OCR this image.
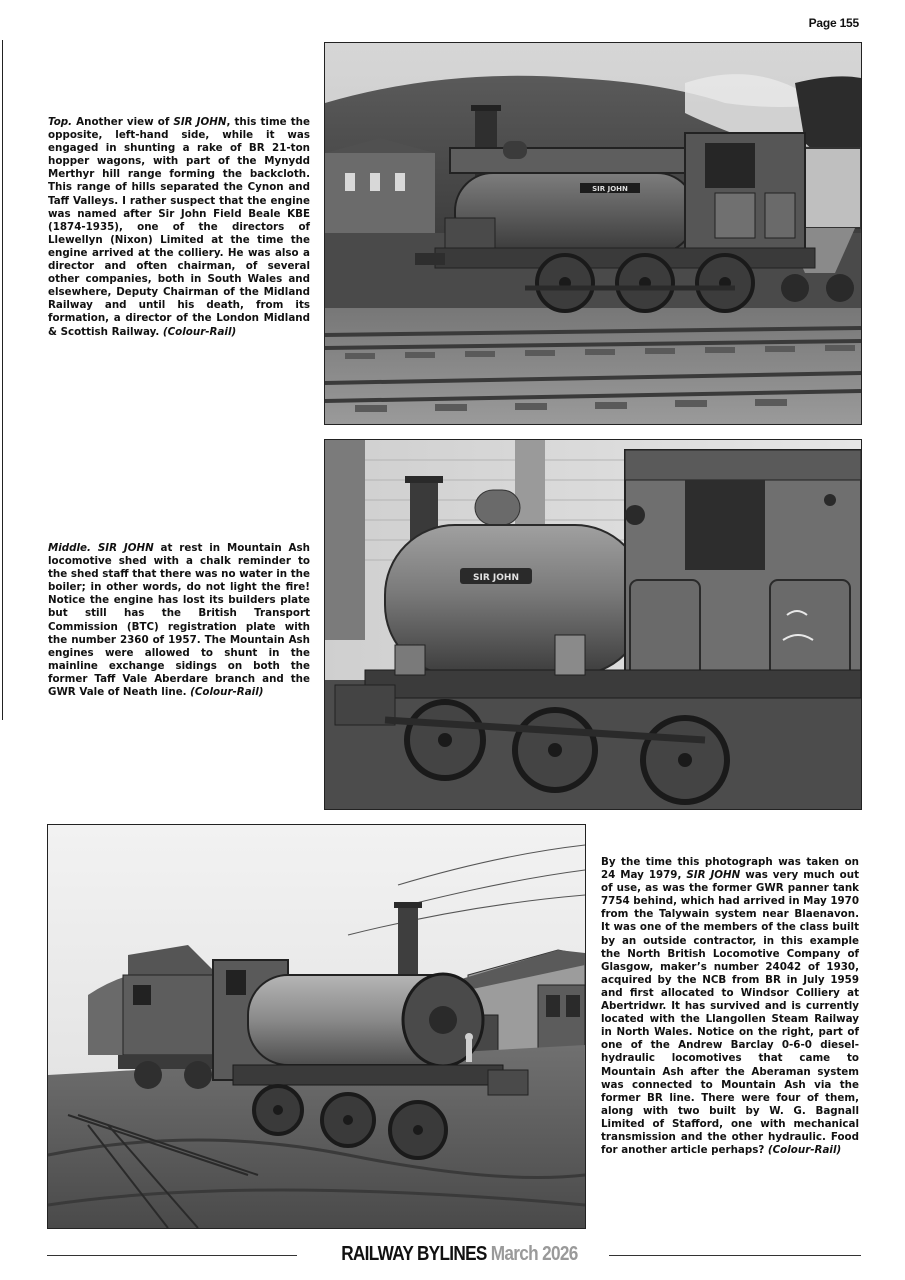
Page 155
Top. Another view of SIR JOHN, this time the opposite, left-hand side, while it was engaged in shunting a rake of BR 21-ton hopper wagons, with part of the Mynydd Merthyr hill range forming the backcloth. This range of hills separated the Cynon and Taff Valleys. I rather suspect that the engine was named after Sir John Field Beale KBE (1874-1935), one of the directors of Llewellyn (Nixon) Limited at the time the engine arrived at the colliery. He was also a director and often chairman, of several other companies, both in South Wales and elsewhere, Deputy Chairman of the Midland Railway and until his death, from its formation, a director of the London Midland & Scottish Railway. (Colour-Rail)
SIR JOHN
Middle. SIR JOHN at rest in Mountain Ash locomotive shed with a chalk reminder to the shed staff that there was no water in the boiler; in other words, do not light the fire! Notice the engine has lost its builders plate but still has the British Transport Commission (BTC) registration plate with the number 2360 of 1957. The Mountain Ash engines were allowed to shunt in the mainline exchange sidings on both the former Taff Vale Aberdare branch and the GWR Vale of Neath line. (Colour-Rail)
SIR JOHN
By the time this photograph was taken on 24 May 1979, SIR JOHN was very much out of use, as was the former GWR panner tank 7754 behind, which had arrived in May 1970 from the Talywain system near Blaenavon. It was one of the members of the class built by an outside contractor, in this example the North British Locomotive Company of Glasgow, maker’s number 24042 of 1930, acquired by the NCB from BR in July 1959 and first allocated to Windsor Colliery at Abertridwr. It has survived and is currently located with the Llangollen Steam Railway in North Wales. Notice on the right, part of one of the Andrew Barclay 0-6-0 diesel-hydraulic locomotives that came to Mountain Ash after the Aberaman system was connected to Mountain Ash via the former BR line. There were four of them, along with two built by W. G. Bagnall Limited of Stafford, one with mechanical transmission and the other hydraulic. Food for another article perhaps? (Colour-Rail)
RAILWAY BYLINES March 2026
